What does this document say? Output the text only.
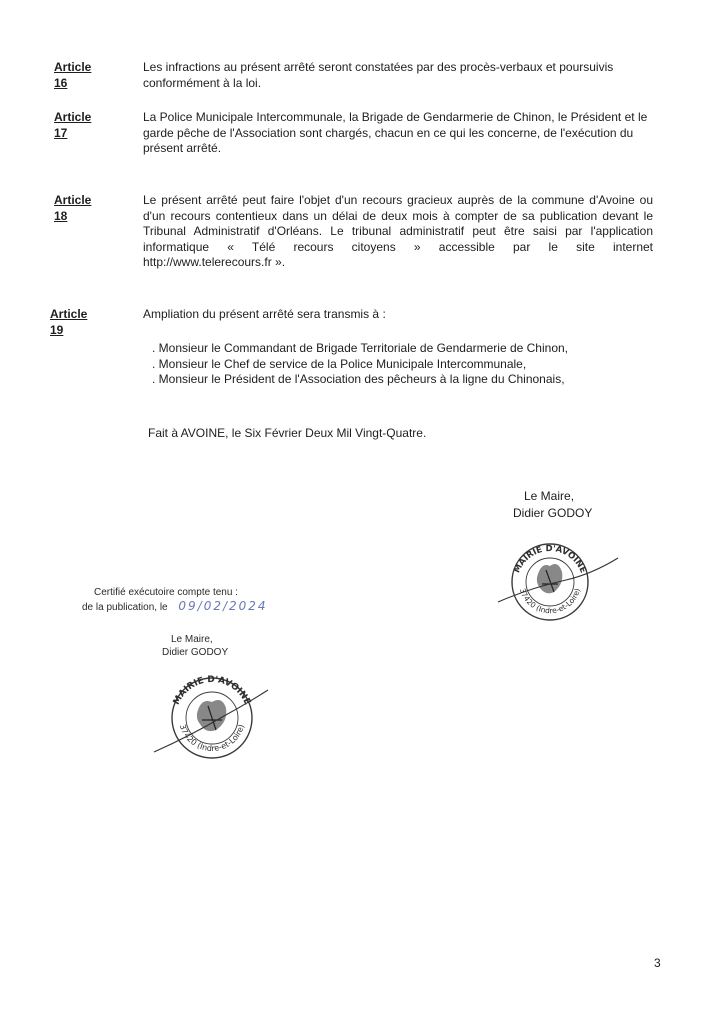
Article 16
Les infractions au présent arrêté seront constatées par des procès-verbaux et poursuivis
conformément à la loi.
Article 17
La Police Municipale Intercommunale, la Brigade de Gendarmerie de Chinon, le Président et le
garde pêche de l'Association sont chargés, chacun en ce qui les concerne, de l'exécution du
présent arrêté.
Article 18
Le présent arrêté peut faire l'objet d'un recours gracieux auprès de la commune d'Avoine ou
d'un recours contentieux dans un délai de deux mois à compter de sa publication devant le
Tribunal Administratif d'Orléans. Le tribunal administratif peut être saisi par l'application
informatique « Télé recours citoyens » accessible par le site internet
http://www.telerecours.fr ».
Article 19
Ampliation du présent arrêté sera transmis à :
. Monsieur le Commandant de Brigade Territoriale de Gendarmerie de Chinon,
. Monsieur le Chef de service de la Police Municipale Intercommunale,
. Monsieur le Président de l'Association des pêcheurs à la ligne du Chinonais,
Fait à AVOINE, le Six Février Deux Mil Vingt-Quatre.
Le Maire,
Didier GODOY
MAIRIE D'AVOINE
37420 (Indre-et-Loire)
Certifié exécutoire compte tenu :
de la publication, le 09/02/2024
Le Maire,
Didier GODOY
MAIRIE D'AVOINE
37420 (Indre-et-Loire)
3
